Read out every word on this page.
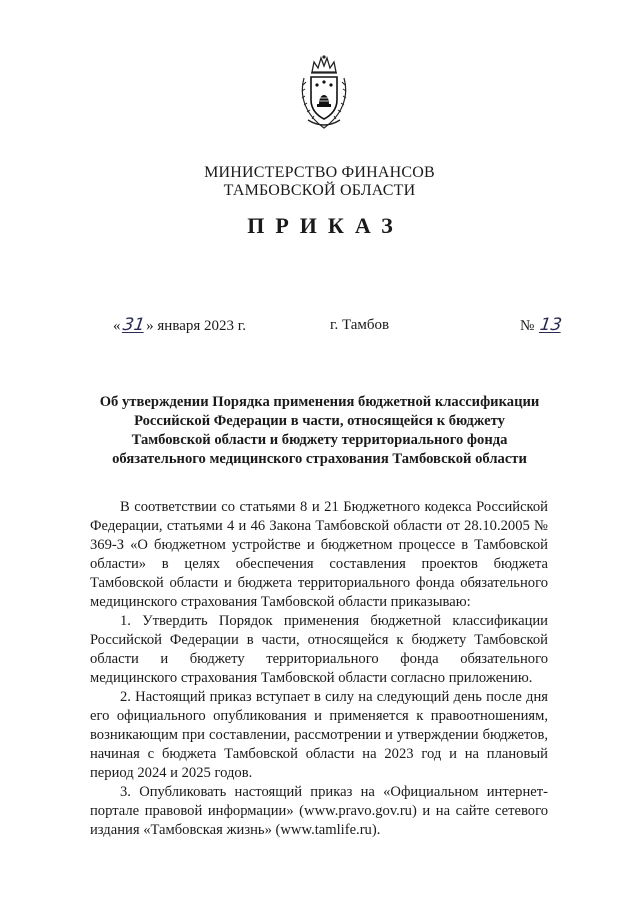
МИНИСТЕРСТВО ФИНАНСОВ
ТАМБОВСКОЙ ОБЛАСТИ
ПРИКАЗ
«31» января 2023 г.	г. Тамбов	№ 13
Об утверждении Порядка применения бюджетной классификации Российской Федерации в части, относящейся к бюджету Тамбовской области и бюджету территориального фонда обязательного медицинского страхования Тамбовской области

В соответствии со статьями 8 и 21 Бюджетного кодекса Российской Федерации, статьями 4 и 46 Закона Тамбовской области от 28.10.2005 № 369-З «О бюджетном устройстве и бюджетном процессе в Тамбовской области» в целях обеспечения составления проектов бюджета Тамбовской области и бюджета территориального фонда обязательного медицинского страхования Тамбовской области приказываю:

1. Утвердить Порядок применения бюджетной классификации Российской Федерации в части, относящейся к бюджету Тамбовской области и бюджету территориального фонда обязательного медицинского страхования Тамбовской области согласно приложению.

2. Настоящий приказ вступает в силу на следующий день после дня его официального опубликования и применяется к правоотношениям, возникающим при составлении, рассмотрении и утверждении бюджетов, начиная с бюджета Тамбовской области на 2023 год и на плановый период 2024 и 2025 годов.

3. Опубликовать настоящий приказ на «Официальном интернет-портале правовой информации» (www.pravo.gov.ru) и на сайте сетевого издания «Тамбовская жизнь» (www.tamlife.ru).
